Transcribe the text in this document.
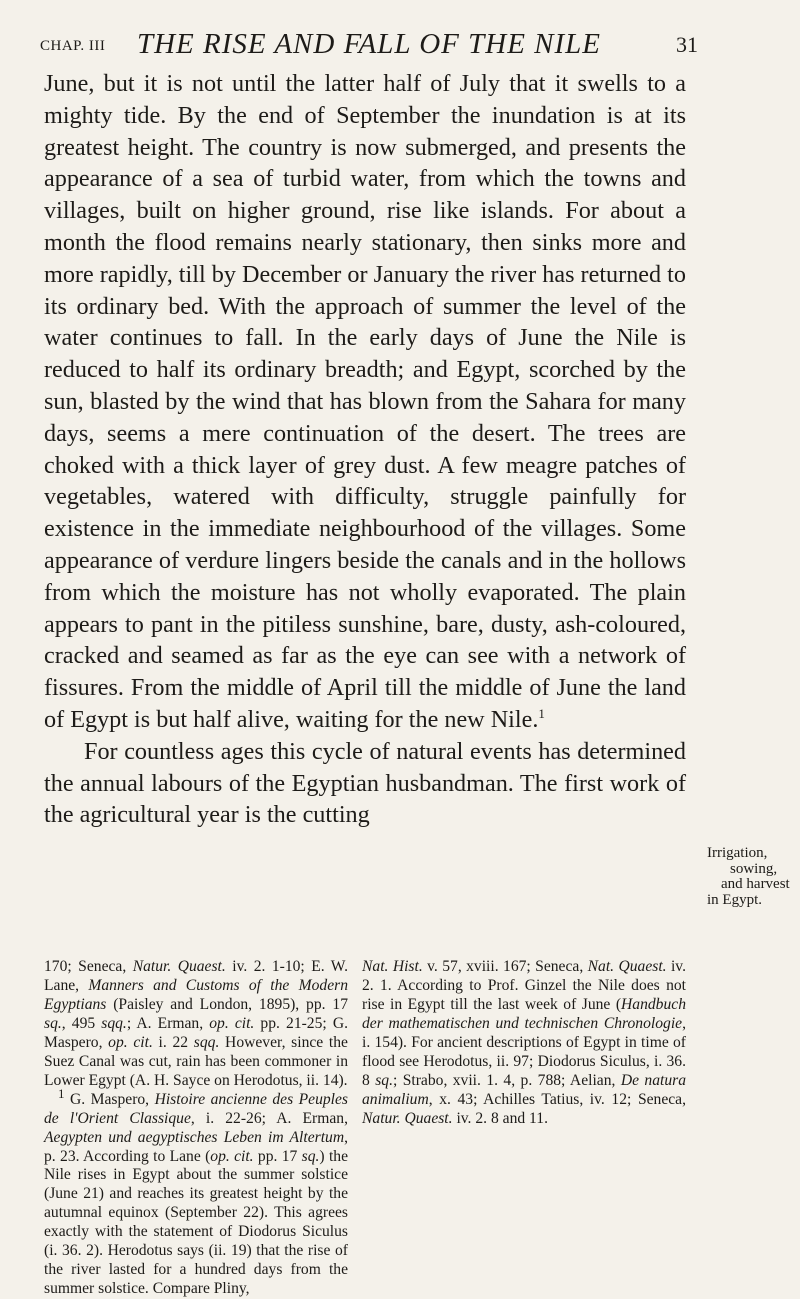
CHAP. III	THE RISE AND FALL OF THE NILE	31

June, but it is not until the latter half of July that it swells to a mighty tide. By the end of September the inundation is at its greatest height. The country is now submerged, and presents the appearance of a sea of turbid water, from which the towns and villages, built on higher ground, rise like islands. For about a month the flood remains nearly stationary, then sinks more and more rapidly, till by December or January the river has returned to its ordinary bed. With the approach of summer the level of the water continues to fall. In the early days of June the Nile is reduced to half its ordinary breadth; and Egypt, scorched by the sun, blasted by the wind that has blown from the Sahara for many days, seems a mere continuation of the desert. The trees are choked with a thick layer of grey dust. A few meagre patches of vegetables, watered with difficulty, struggle painfully for existence in the immediate neighbourhood of the villages. Some appearance of verdure lingers beside the canals and in the hollows from which the moisture has not wholly evaporated. The plain appears to pant in the pitiless sunshine, bare, dusty, ash-coloured, cracked and seamed as far as the eye can see with a network of fissures. From the middle of April till the middle of June the land of Egypt is but half alive, waiting for the new Nile.$^1$

For countless ages this cycle of natural events has determined the annual labours of the Egyptian husbandman. The first work of the agricultural year is the cutting

Irrigation,
sowing,
and harvest
in Egypt.

170; Seneca, Natur. Quaest. iv. 2. 1-10; E. W. Lane, Manners and Customs of the Modern Egyptians (Paisley and London, 1895), pp. 17 sq., 495 sqq.; A. Erman, op. cit. pp. 21-25; G. Maspero, op. cit. i. 22 sqq. However, since the Suez Canal was cut, rain has been commoner in Lower Egypt (A. H. Sayce on Herodotus, ii. 14).

$^1$ G. Maspero, Histoire ancienne des Peuples de l'Orient Classique, i. 22-26; A. Erman, Aegypten und aegyptisches Leben im Altertum, p. 23. According to Lane (op. cit. pp. 17 sq.) the Nile rises in Egypt about the summer solstice (June 21) and reaches its greatest height by the autumnal equinox (September 22). This agrees exactly with the statement of Diodorus Siculus (i. 36. 2). Herodotus says (ii. 19) that the rise of the river lasted for a hundred days from the summer solstice. Compare Pliny,

Nat. Hist. v. 57, xviii. 167; Seneca, Nat. Quaest. iv. 2. 1. According to Prof. Ginzel the Nile does not rise in Egypt till the last week of June (Handbuch der mathematischen und technischen Chronologie, i. 154). For ancient descriptions of Egypt in time of flood see Herodotus, ii. 97; Diodorus Siculus, i. 36. 8 sq.; Strabo, xvii. 1. 4, p. 788; Aelian, De natura animalium, x. 43; Achilles Tatius, iv. 12; Seneca, Natur. Quaest. iv. 2. 8 and 11.
